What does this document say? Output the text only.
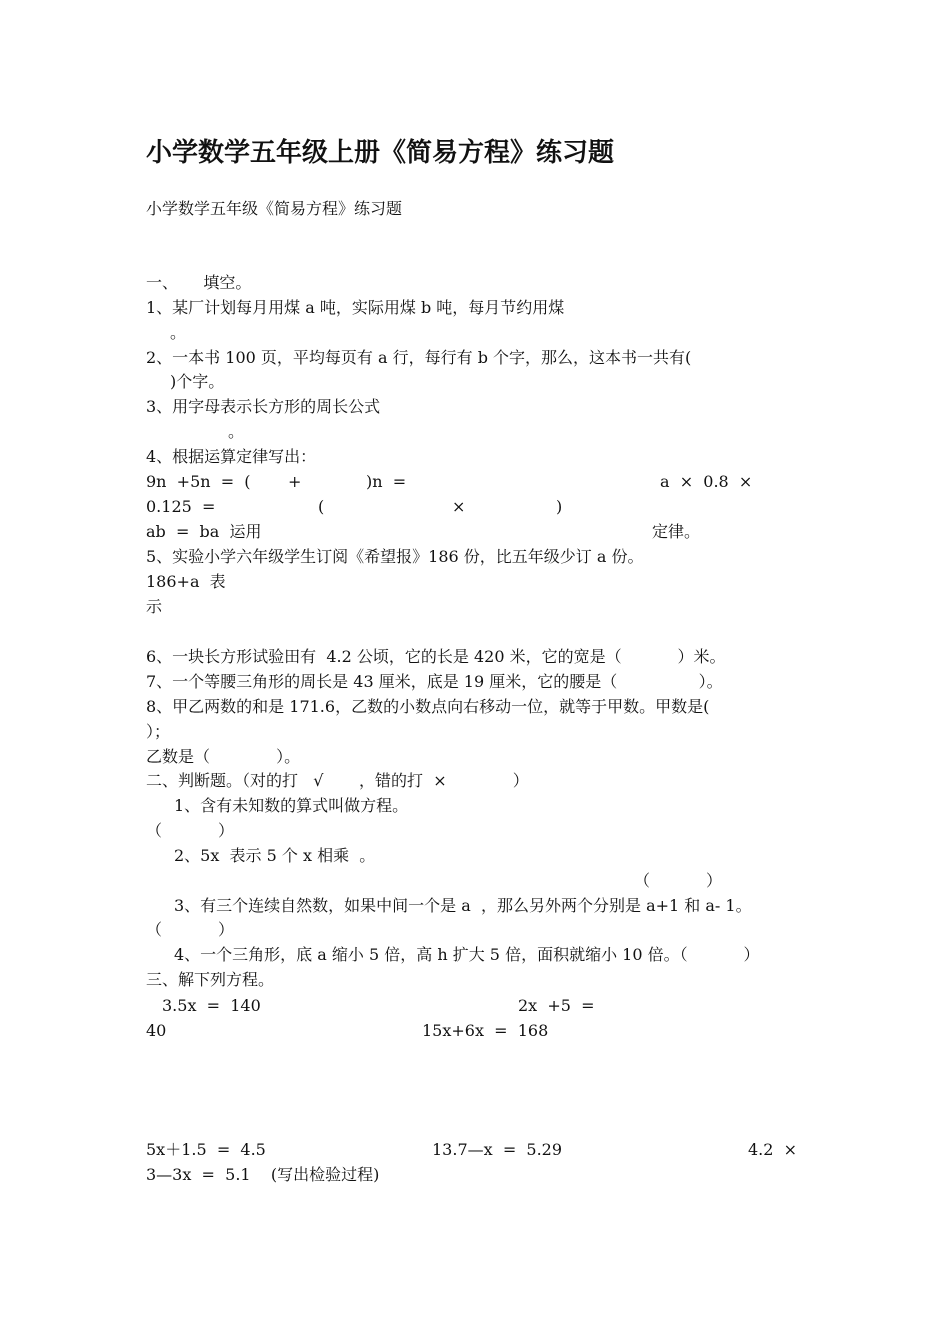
小学数学五年级上册《简易方程》练习题
小学数学五年级《简易方程》练习题
一、     填空。
1、某厂计划每月用煤 a 吨，实际用煤 b 吨，每月节约用煤
。
2、一本书 100 页，平均每页有 a 行，每行有 b 个字，那么，这本书一共有(
)个字。
3、用字母表示长方形的周长公式
。
4、根据运算定律写出：
9n  +5n  =  ( +	)n  =	a  ×  0.8  ×
0.125  =	(	×	)
ab  =  ba  运用	定律。
5、实验小学六年级学生订阅《希望报》186 份，比五年级少订 a 份。
186+a  表
示
6、一块长方形试验田有  4.2 公顷，它的长是 420 米，它的宽是（           ）米。
7、一个等腰三角形的周长是 43 厘米，底是 19 厘米，它的腰是（                ）。
8、甲乙两数的和是 171.6，乙数的小数点向右移动一位，就等于甲数。甲数是(
）；
乙数是（             ）。
二、判断题。（对的打   √       ，错的打  ×             ）
1、含有未知数的算式叫做方程。
（           ）
2、5x  表示 5 个 x 相乘  。
（           ）
3、有三个连续自然数，如果中间一个是 a  ，那么另外两个分别是 a+1 和 a- 1。
（           ）
4、一个三角形，底 a 缩小 5 倍，高 h 扩大 5 倍，面积就缩小 10 倍。（           ）
三、解下列方程。
3.5x  =  140	2x  +5  =
40	15x+6x  =  168
5x＋1.5  =  4.5	13.7—x  =  5.29	4.2  ×
3—3x  =  5.1    (写出检验过程)
